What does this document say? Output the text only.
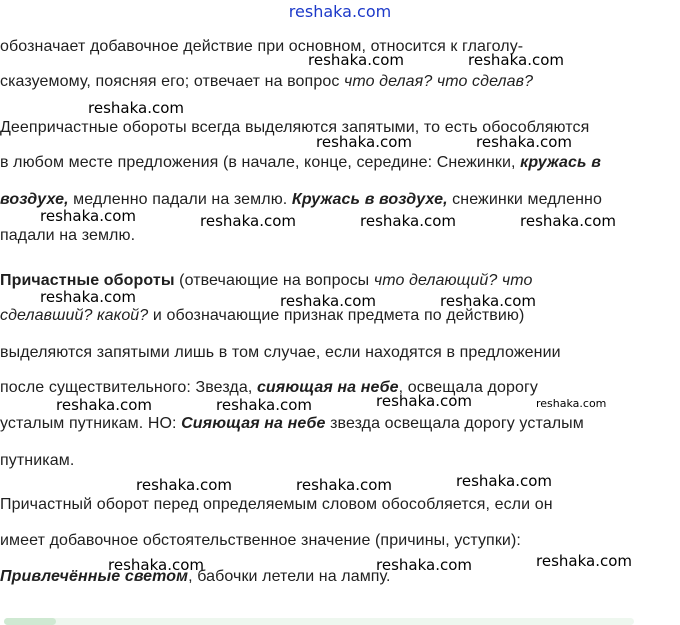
reshaka.com
обозначает добавочное действие при основном, относится к глаголу-
сказуемому, поясняя его; отвечает на вопрос что делая? что сделав?
Деепричастные обороты всегда выделяются запятыми, то есть обособляются
в любом месте предложения (в начале, конце, середине: Снежинки, кружась в
воздухе, медленно падали на землю. Кружась в воздухе, снежинки медленно
падали на землю.
Причастные обороты (отвечающие на вопросы что делающий? что
сделавший? какой? и обозначающие признак предмета по действию)
выделяются запятыми лишь в том случае, если находятся в предложении
после существительного: Звезда, сияющая на небе, освещала дорогу
усталым путникам. НО: Сияющая на небе звезда освещала дорогу усталым
путникам.
Причастный оборот перед определяемым словом обособляется, если он
имеет добавочное обстоятельственное значение (причины, уступки):
Привлечённые светом, бабочки летели на лампу.
reshaka.com	reshaka.com
reshaka.com
reshaka.com	reshaka.com
reshaka.com	reshaka.com	reshaka.com	reshaka.com
reshaka.com	reshaka.com	reshaka.com
reshaka.com	reshaka.com	reshaka.com	reshaka.com
reshaka.com	reshaka.com	reshaka.com
reshaka.com	reshaka.com	reshaka.com
